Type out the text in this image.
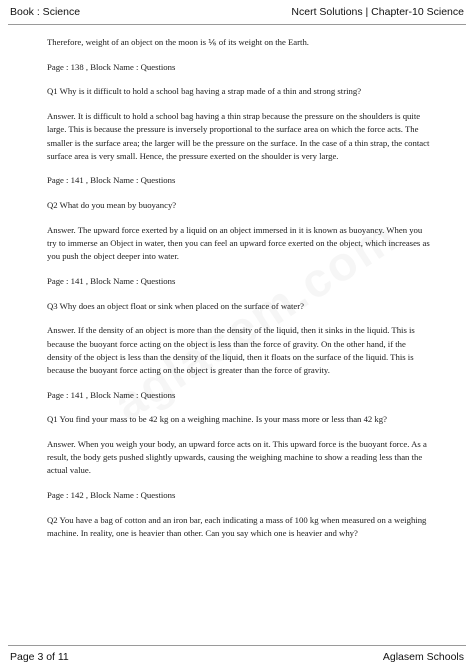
Book : Science	Ncert Solutions | Chapter-10 Science

Therefore, weight of an object on the moon is ⅙ of its weight on the Earth.

Page : 138 , Block Name : Questions

Q1 Why is it difficult to hold a school bag having a strap made of a thin and strong string?

Answer. It is difficult to hold a school bag having a thin strap because the pressure on the shoulders is quite large. This is because the pressure is inversely proportional to the surface area on which the force acts. The smaller is the surface area; the larger will be the pressure on the surface. In the case of a thin strap, the contact surface area is very small. Hence, the pressure exerted on the shoulder is very large.

Page : 141 , Block Name : Questions

Q2 What do you mean by buoyancy?

Answer. The upward force exerted by a liquid on an object immersed in it is known as buoyancy. When you try to immerse an Object in water, then you can feel an upward force exerted on the object, which increases as you push the object deeper into water.

Page : 141 , Block Name : Questions

Q3 Why does an object float or sink when placed on the surface of water?

Answer. If the density of an object is more than the density of the liquid, then it sinks in the liquid. This is because the buoyant force acting on the object is less than the force of gravity. On the other hand, if the density of the object is less than the density of the liquid, then it floats on the surface of the liquid. This is because the buoyant force acting on the object is greater than the force of gravity.

Page : 141 , Block Name : Questions

Q1 You find your mass to be 42 kg on a weighing machine. Is your mass more or less than 42 kg?

Answer. When you weigh your body, an upward force acts on it. This upward force is the buoyant force. As a result, the body gets pushed slightly upwards, causing the weighing machine to show a reading less than the actual value.

Page : 142 , Block Name : Questions

Q2 You have a bag of cotton and an iron bar, each indicating a mass of 100 kg when measured on a weighing machine. In reality, one is heavier than other. Can you say which one is heavier and why?

Page 3 of 11	Aglasem Schools
